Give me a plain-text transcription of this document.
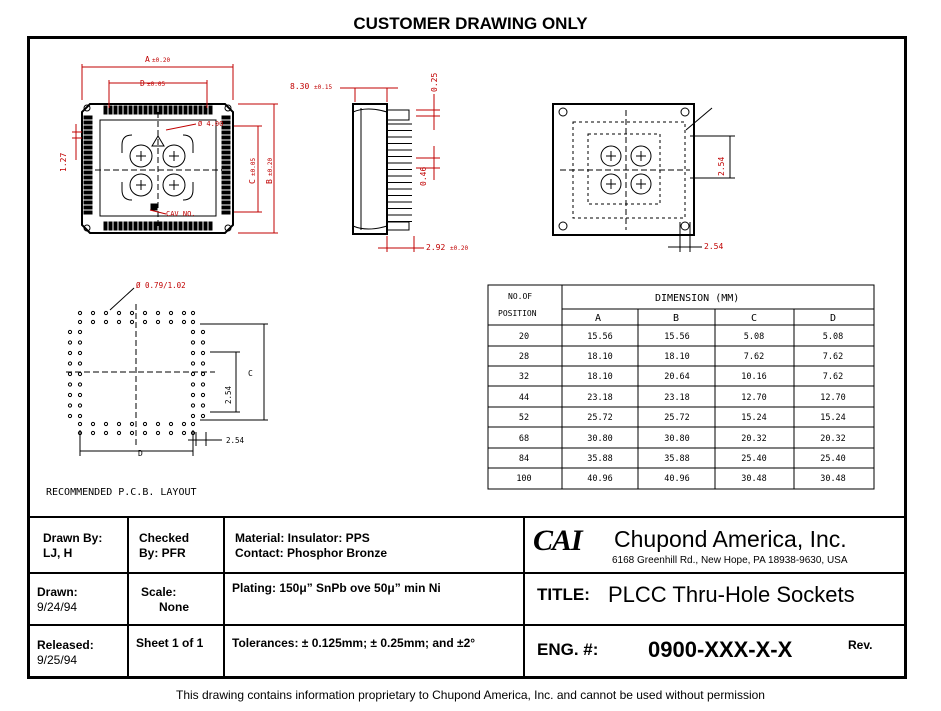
CUSTOMER DRAWING ONLY
A ±0.20
D ±0.05
Ø 4.00
CAV NO.
C
±0.05
B
±0.20
1.27
8.30 ±0.15	0.25
0.46
2.92 ±0.20
2.54
2.54
Ø 0.79/1.02
2.54
C
2.54
D
RECOMMENDED P.C.B. LAYOUT
NO.OF
POSITION
DIMENSION (MM)
A	B	C	D
20	15.56	15.56	5.08	5.08
28	18.10	18.10	7.62	7.62
32	18.10	20.64	10.16	7.62
44	23.18	23.18	12.70	12.70
52	25.72	25.72	15.24	15.24
68	30.80	30.80	20.32	20.32
84	35.88	35.88	25.40	25.40
100	40.96	40.96	30.48	30.48
Drawn By:
LJ, H
Checked
By: PFR
Material: Insulator: PPS
Contact: Phosphor Bronze
Drawn:
9/24/94
Scale:
None
Plating: 150μ” SnPb ove 50μ” min Ni
Released:
9/25/94
Sheet 1 of 1 Tolerances: ± 0.125mm; ± 0.25mm; and ±2°
CAI Chupond America, Inc.
6168 Greenhill Rd., New Hope, PA 18938-9630, USA
TITLE: PLCC Thru-Hole Sockets
ENG. #: 0900-XXX-X-X	Rev.
This drawing contains information proprietary to Chupond America, Inc. and cannot be used without permission
